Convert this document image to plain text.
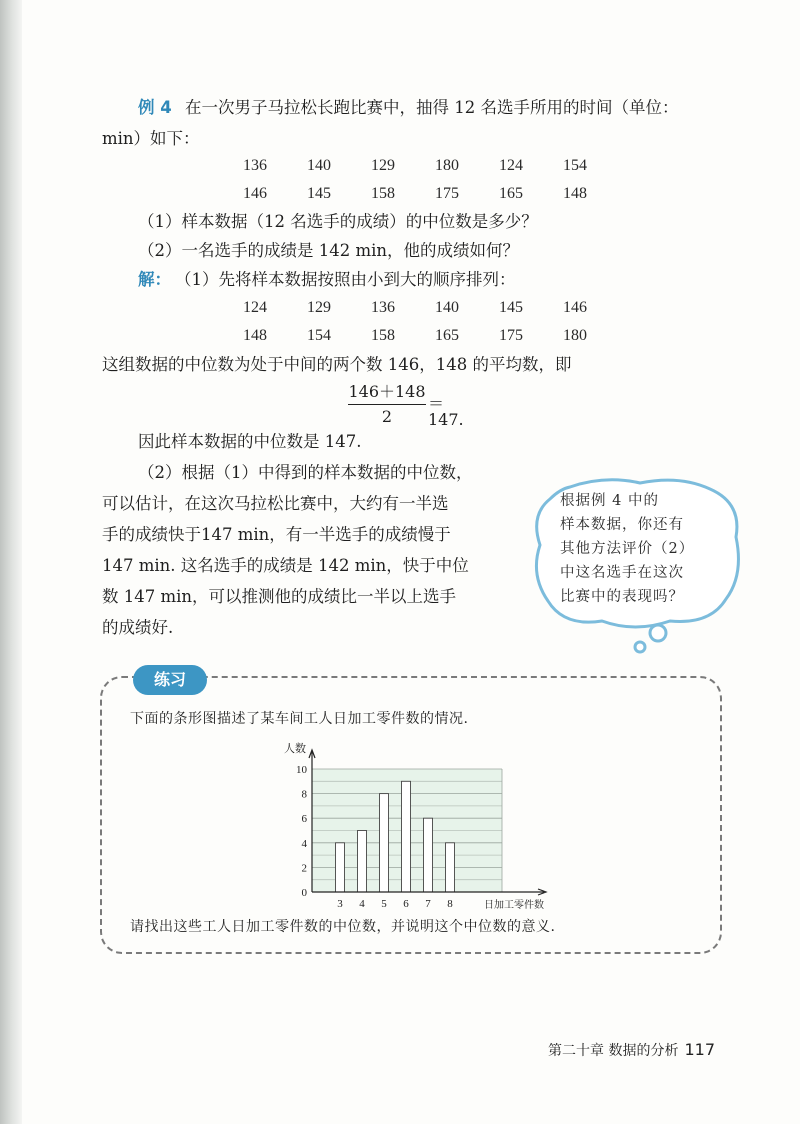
例 4 在一次男子马拉松长跑比赛中，抽得 12 名选手所用的时间（单位：
min）如下：
136	140	129	180	124	154
146	145	158	175	165	148
（1）样本数据（12 名选手的成绩）的中位数是多少？
（2）一名选手的成绩是 142 min，他的成绩如何？
解： （1）先将样本数据按照由小到大的顺序排列：
124	129	136	140	145	146
148	154	158	165	175	180
这组数据的中位数为处于中间的两个数 146，148 的平均数，即
146＋148
2
＝147.
因此样本数据的中位数是 147.
（2）根据（1）中得到的样本数据的中位数，
可以估计，在这次马拉松比赛中，大约有一半选
手的成绩快于147 min，有一半选手的成绩慢于
147 min. 这名选手的成绩是 142 min，快于中位
数 147 min，可以推测他的成绩比一半以上选手
的成绩好.
根据例 4 中的
样本数据，你还有
其他方法评价（2）
中这名选手在这次
比赛中的表现吗？
练习
下面的条形图描述了某车间工人日加工零件数的情况.
3 4 5 6 7 8
0
2
4
6
8
10
人数
日加工零件数
请找出这些工人日加工零件数的中位数，并说明这个中位数的意义.
第二十章 数据的分析 117
